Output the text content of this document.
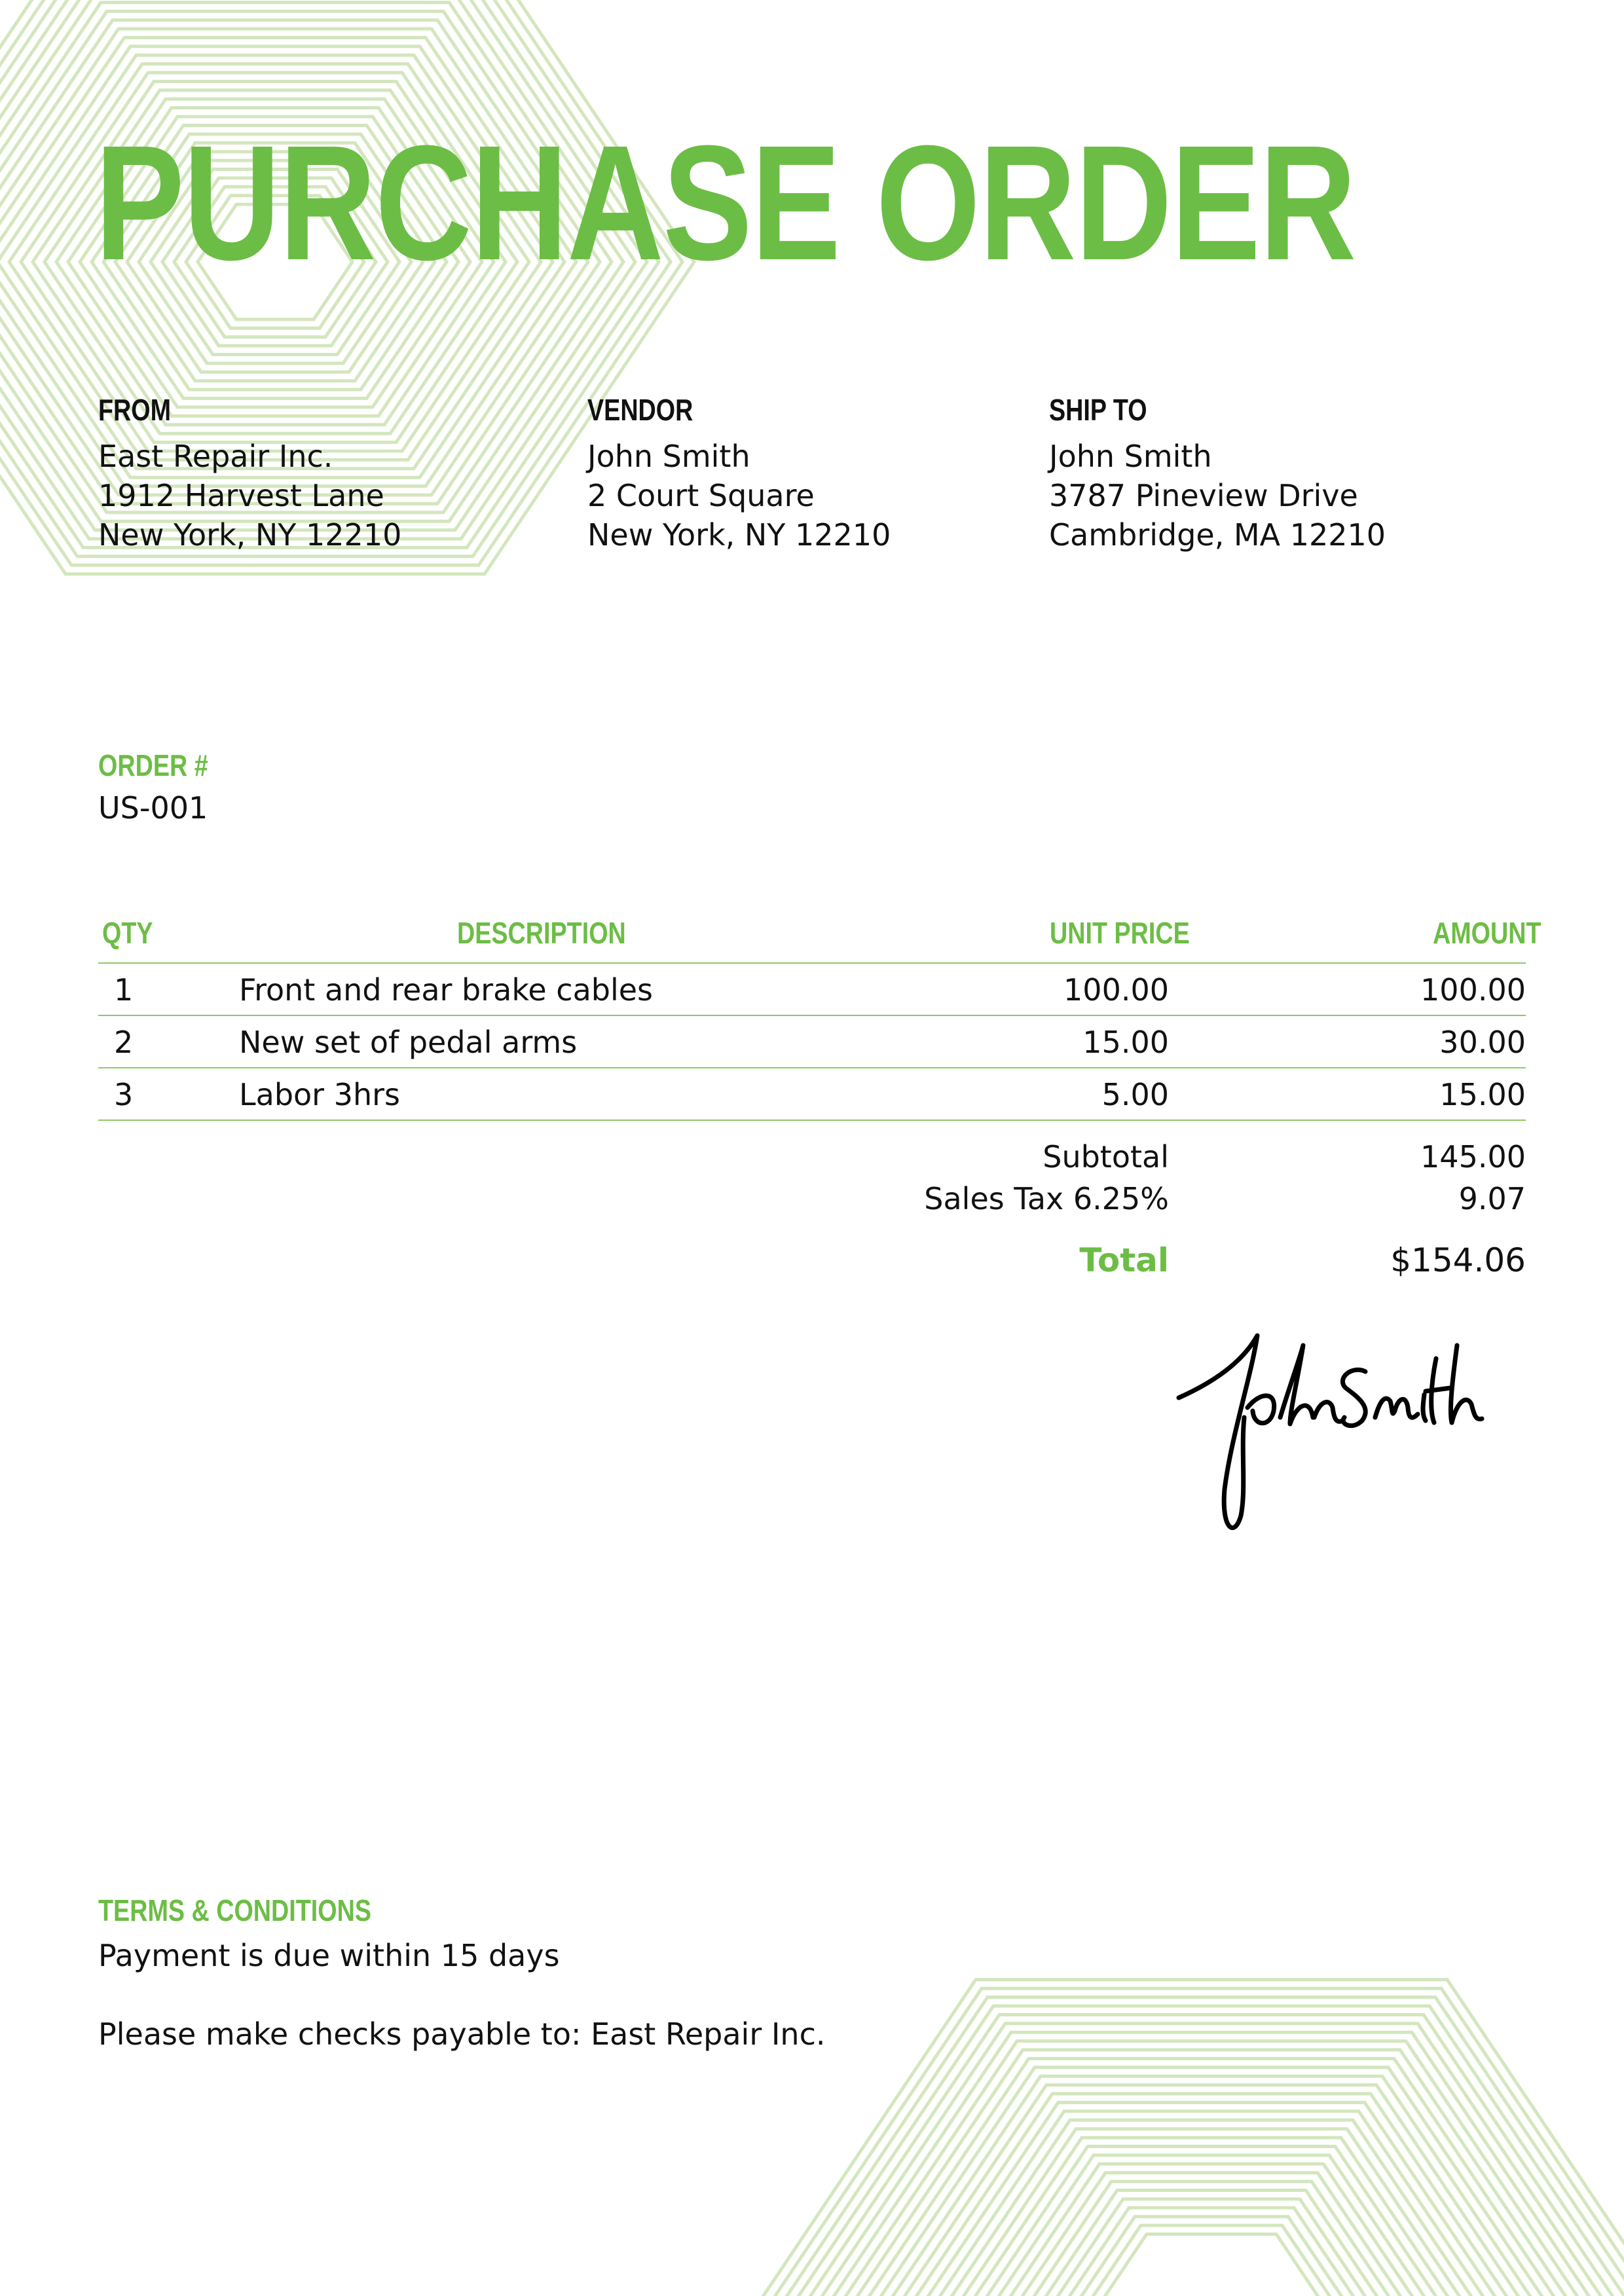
PURCHASE ORDER
FROM
East Repair Inc.
1912 Harvest Lane
New York, NY 12210
VENDOR
John Smith
2 Court Square
New York, NY 12210
SHIP TO
John Smith
3787 Pineview Drive
Cambridge, MA 12210
ORDER #
US-001
QTY	DESCRIPTION	UNIT PRICE	AMOUNT
1	Front and rear brake cables	100.00	100.00
2	New set of pedal arms	15.00	30.00
3	Labor 3hrs	5.00	15.00
Subtotal	145.00
Sales Tax 6.25%	9.07
Total	$154.06
TERMS & CONDITIONS
Payment is due within 15 days
Please make checks payable to: East Repair Inc.
